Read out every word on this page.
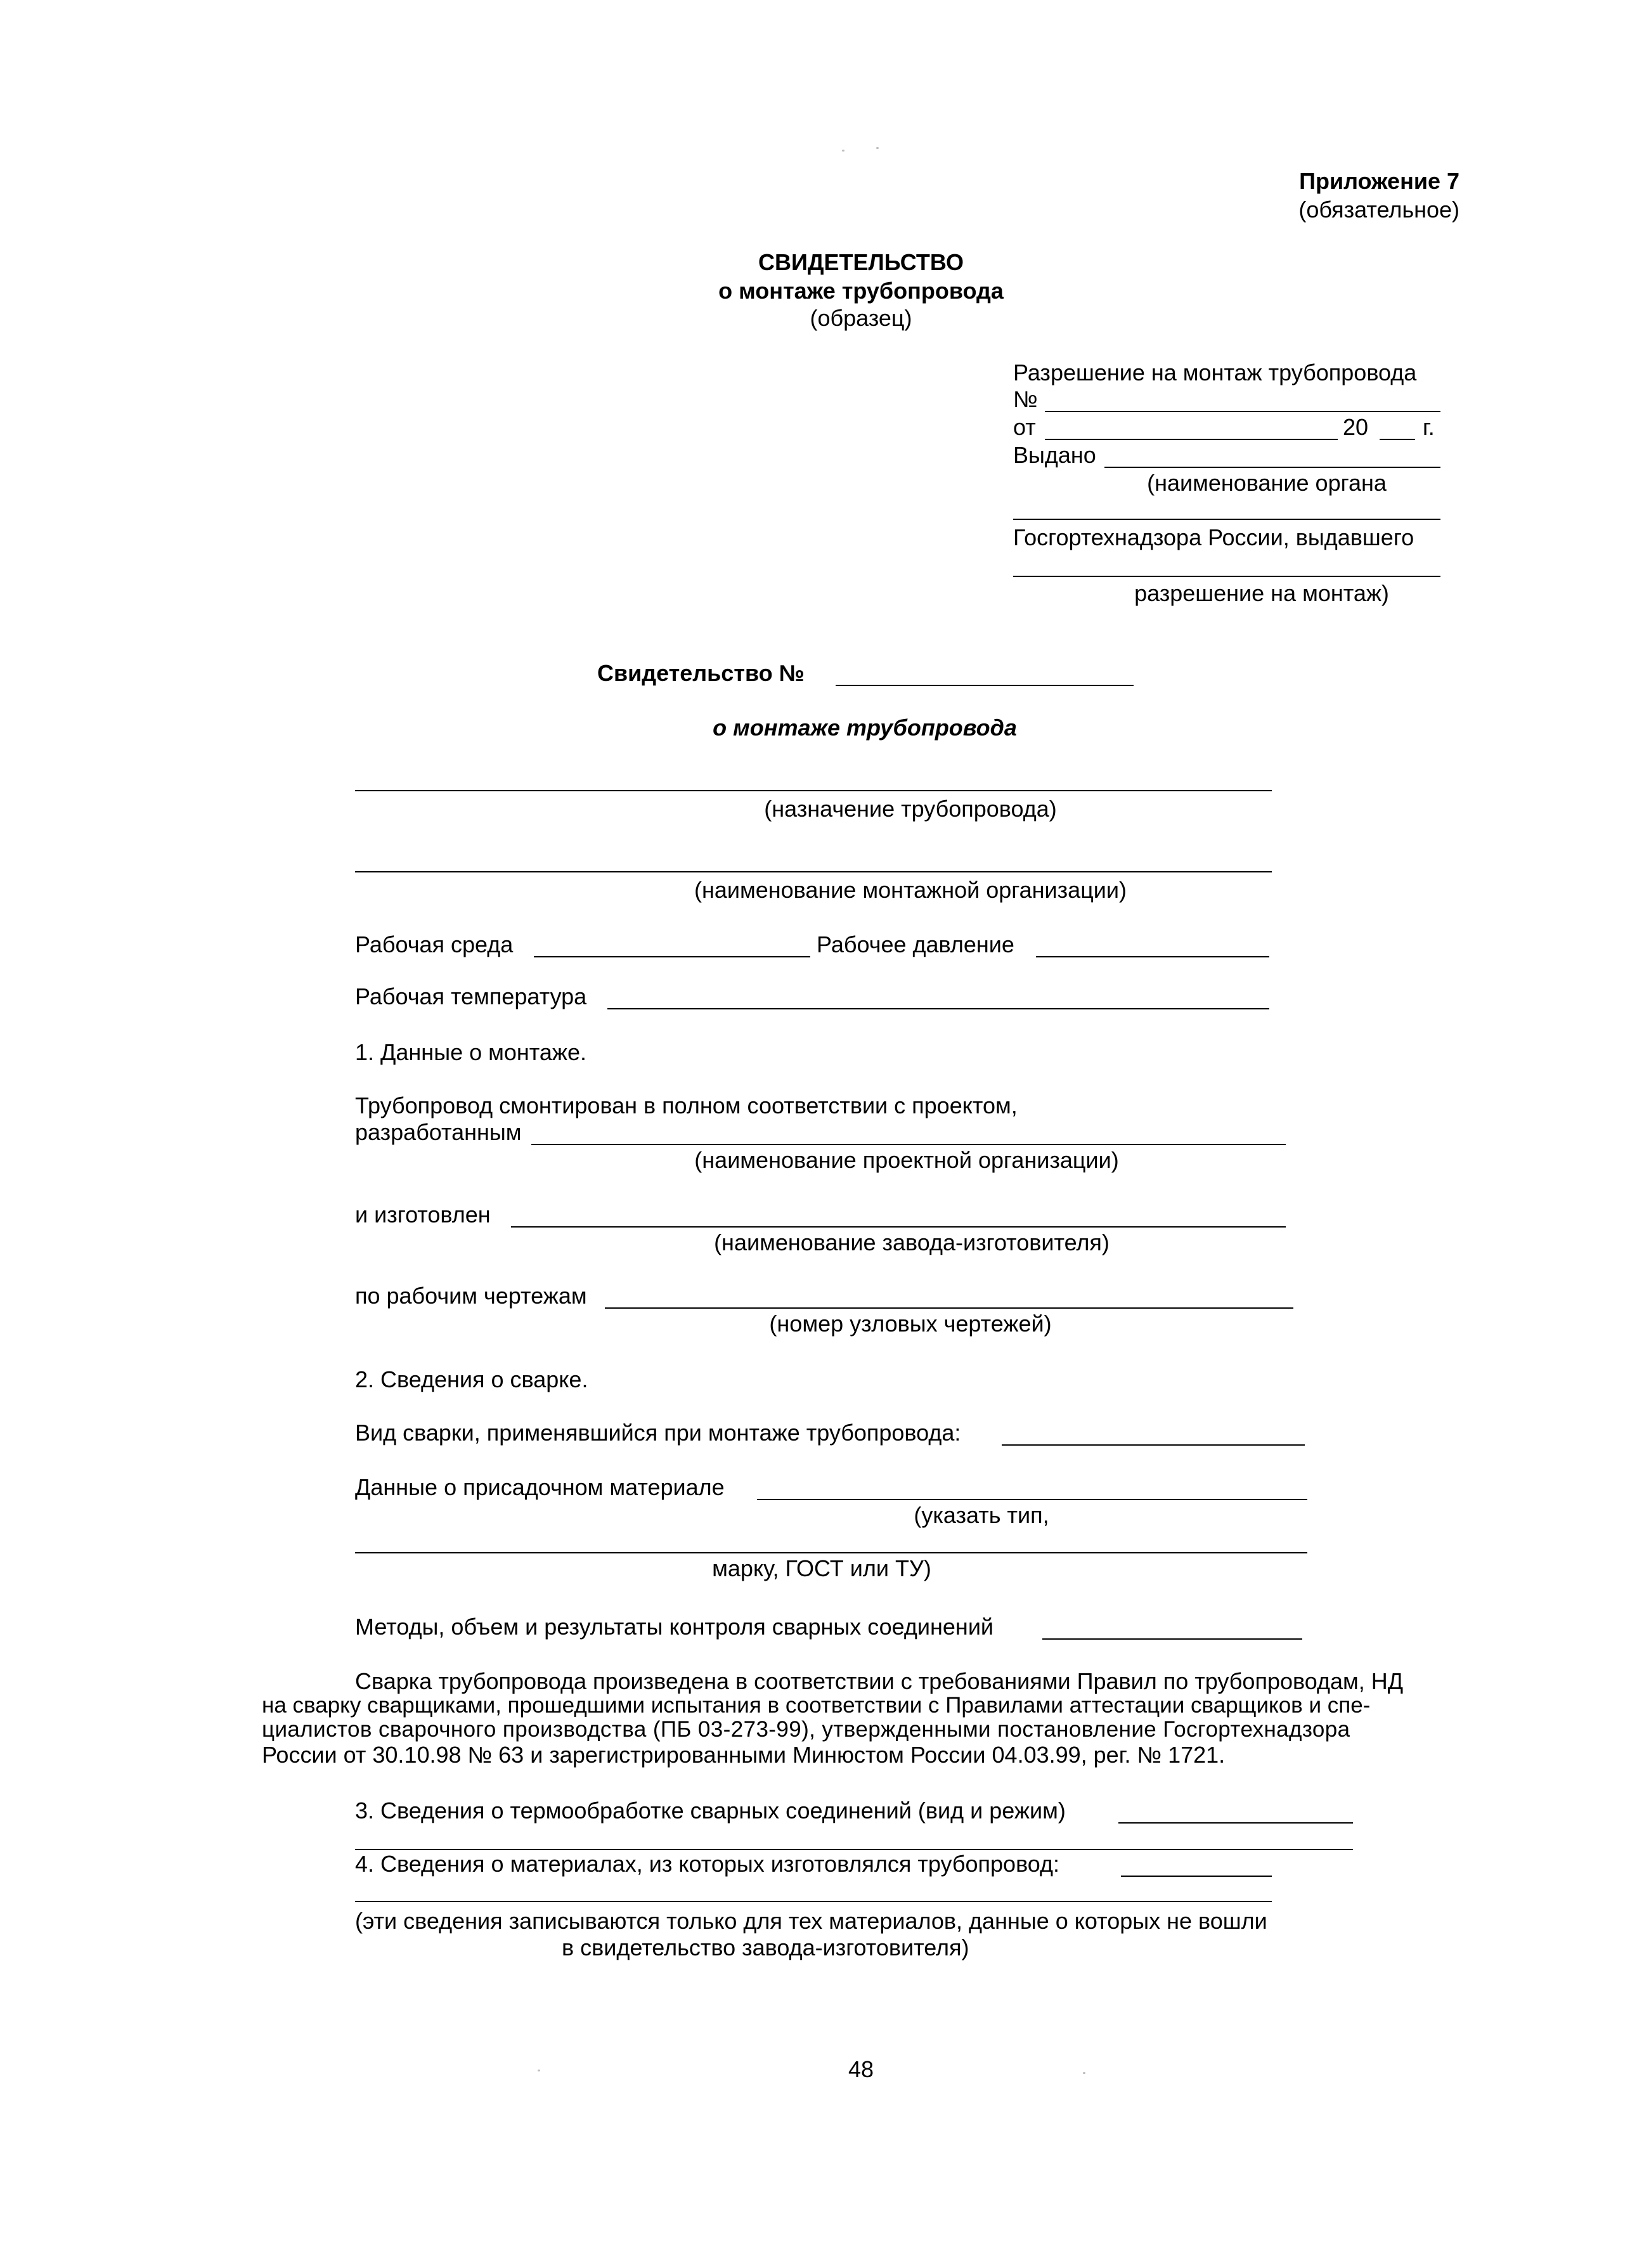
Приложение 7
(обязательное)
СВИДЕТЕЛЬСТВО
о монтаже трубопровода
(образец)
Разрешение на монтаж трубопровода
№
от	20 г.
Выдано
(наименование органа
Госгортехнадзора России, выдавшего
разрешение на монтаж)
Свидетельство №
о монтаже трубопровода
(назначение трубопровода)
(наименование монтажной организации)
Рабочая среда	Рабочее давление
Рабочая температура
1. Данные о монтаже.
Трубопровод смонтирован в полном соответствии с проектом,
разработанным
(наименование проектной организации)
и изготовлен
(наименование завода-изготовителя)
по рабочим чертежам
(номер узловых чертежей)
2. Сведения о сварке.
Вид сварки, применявшийся при монтаже трубопровода:
Данные о присадочном материале
(указать тип,
марку, ГОСТ или ТУ)
Методы, объем и результаты контроля сварных соединений
Сварка трубопровода произведена в соответствии с требованиями Правил по трубопроводам, НД
на сварку сварщиками, прошедшими испытания в соответствии с Правилами аттестации сварщиков и спе-
циалистов сварочного производства (ПБ 03-273-99), утвержденными постановление Госгортехнадзора
России от 30.10.98 № 63 и зарегистрированными Минюстом России 04.03.99, рег. № 1721.
3. Сведения о термообработке сварных соединений (вид и режим)
4. Сведения о материалах, из которых изготовлялся трубопровод:
(эти сведения записываются только для тех материалов, данные о которых не вошли
в свидетельство завода-изготовителя)
48
